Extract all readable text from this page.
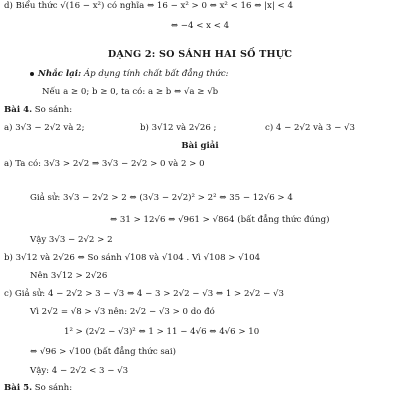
d) Biểu thức √(16 − x²) có nghĩa ⇔ 16 − x² > 0 ⇔ x² < 16 ⇔ |x| < 4
⇔ −4 < x < 4
DẠNG 2: SO SÁNH HAI SỐ THỰC
Nhắc lại: Áp dụng tính chất bất đẳng thức:
Nếu a ≥ 0; b ≥ 0, ta có: a ≥ b ⇔ √a ≥ √b
Bài 4. So sánh:
a) 3√3 − 2√2 và 2;	b) 3√12 và 2√26 ;	c) 4 − 2√2 và 3 − √3
Bài giải
a) Ta có: 3√3 > 2√2 ⇒ 3√3 − 2√2 > 0 và 2 > 0
Giả sử: 3√3 − 2√2 > 2 ⇔ (3√3 − 2√2)² > 2² ⇔ 35 − 12√6 > 4
⇔ 31 > 12√6 ⇔ √961 > √864 (bất đẳng thức đúng)
Vậy 3√3 − 2√2 > 2
b) 3√12 và 2√26 ⇔ So sánh √108 và √104 . Vì √108 > √104
Nên 3√12 > 2√26
c) Giả sử: 4 − 2√2 > 3 − √3 ⇔ 4 − 3 > 2√2 − √3 ⇔ 1 > 2√2 − √3
Vì 2√2 = √8 > √3 nên: 2√2 − √3 > 0 do đó
1² > (2√2 − √3)² ⇔ 1 > 11 − 4√6 ⇔ 4√6 > 10
⇔ √96 > √100 (bất đẳng thức sai)
Vậy: 4 − 2√2 < 3 − √3
Bài 5. So sánh:
